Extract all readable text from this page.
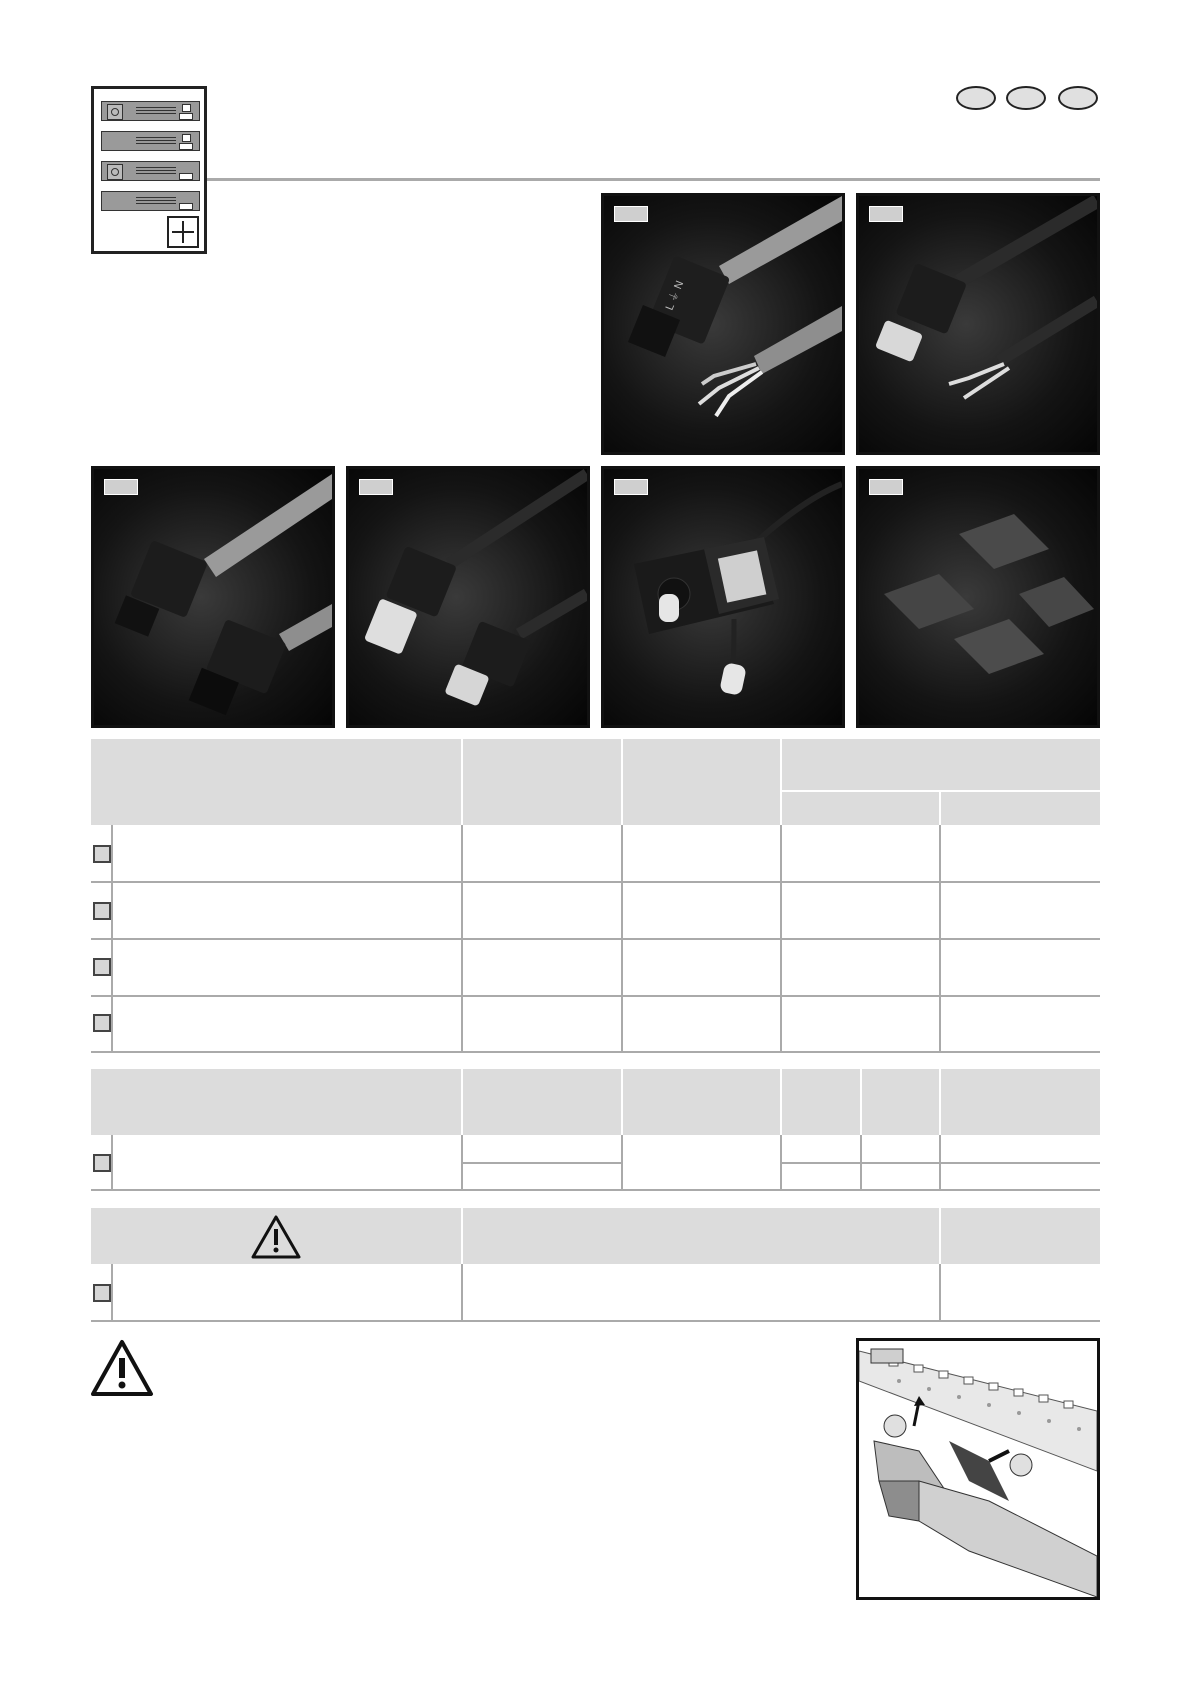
L ⏚ N
